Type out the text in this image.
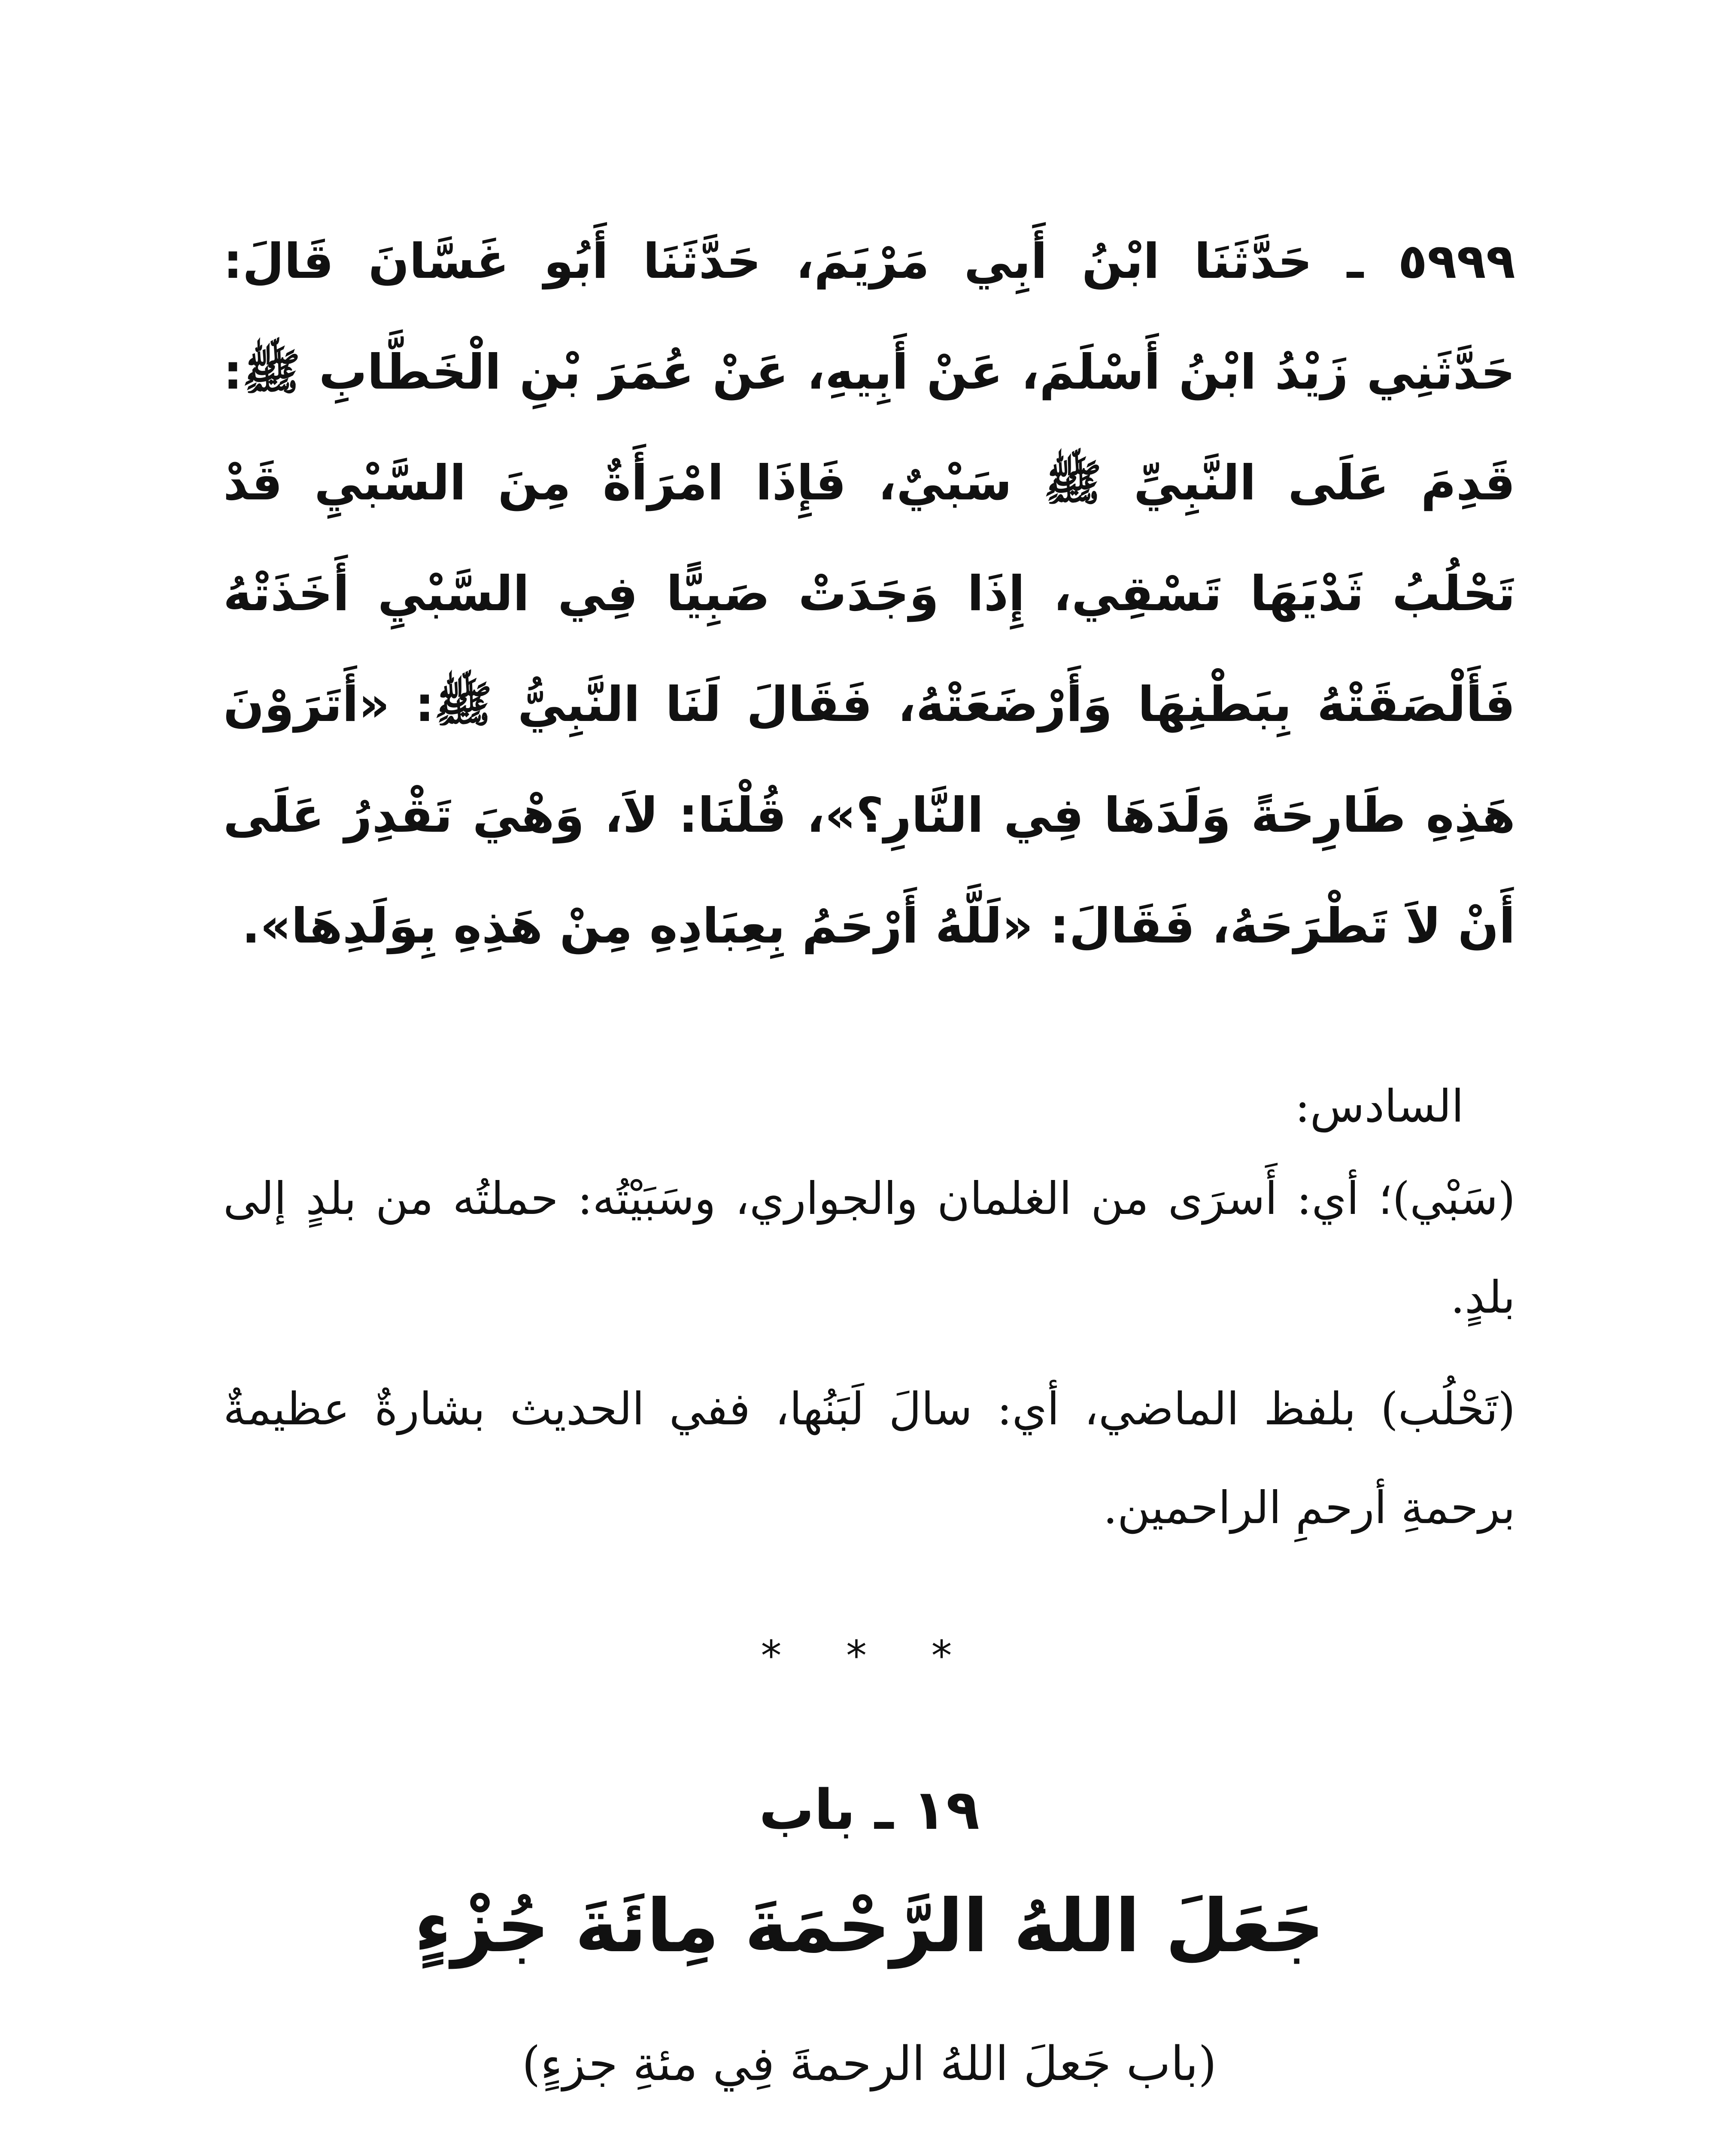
٥٩٩٩ ـ حَدَّثَنَا ابْنُ أَبِي مَرْيَمَ، حَدَّثَنَا أَبُو غَسَّانَ قَالَ: حَدَّثَنِي زَيْدُ ابْنُ أَسْلَمَ، عَنْ أَبِيهِ، عَنْ عُمَرَ بْنِ الْخَطَّابِ ﷺ: قَدِمَ عَلَى النَّبِيِّ ﷺ سَبْيٌ، فَإِذَا امْرَأَةٌ مِنَ السَّبْيِ قَدْ تَحْلُبُ ثَدْيَهَا تَسْقِي، إِذَا وَجَدَتْ صَبِيًّا فِي السَّبْيِ أَخَذَتْهُ فَأَلْصَقَتْهُ بِبَطْنِهَا وَأَرْضَعَتْهُ، فَقَالَ لَنَا النَّبِيُّ ﷺ: «أَتَرَوْنَ هَذِهِ طَارِحَةً وَلَدَهَا فِي النَّارِ؟»، قُلْنَا: لاَ، وَهْيَ تَقْدِرُ عَلَى أَنْ لاَ تَطْرَحَهُ، فَقَالَ: «لَلَّهُ أَرْحَمُ بِعِبَادِهِ مِنْ هَذِهِ بِوَلَدِهَا».

السادس:

(سَبْي)؛ أي: أَسرَى من الغلمان والجواري، وسَبَيْتُه: حملتُه من بلدٍ إلى بلدٍ.

(تَحْلُب) بلفظ الماضي، أي: سالَ لَبَنُها، ففي الحديث بشارةٌ عظيمةٌ برحمةِ أرحمِ الراحمين.

* * *
١٩ ـ باب
جَعَلَ اللهُ الرَّحْمَةَ مِائَةَ جُزْءٍ
(باب جَعلَ اللهُ الرحمةَ فِي مئةِ جزءٍ)
